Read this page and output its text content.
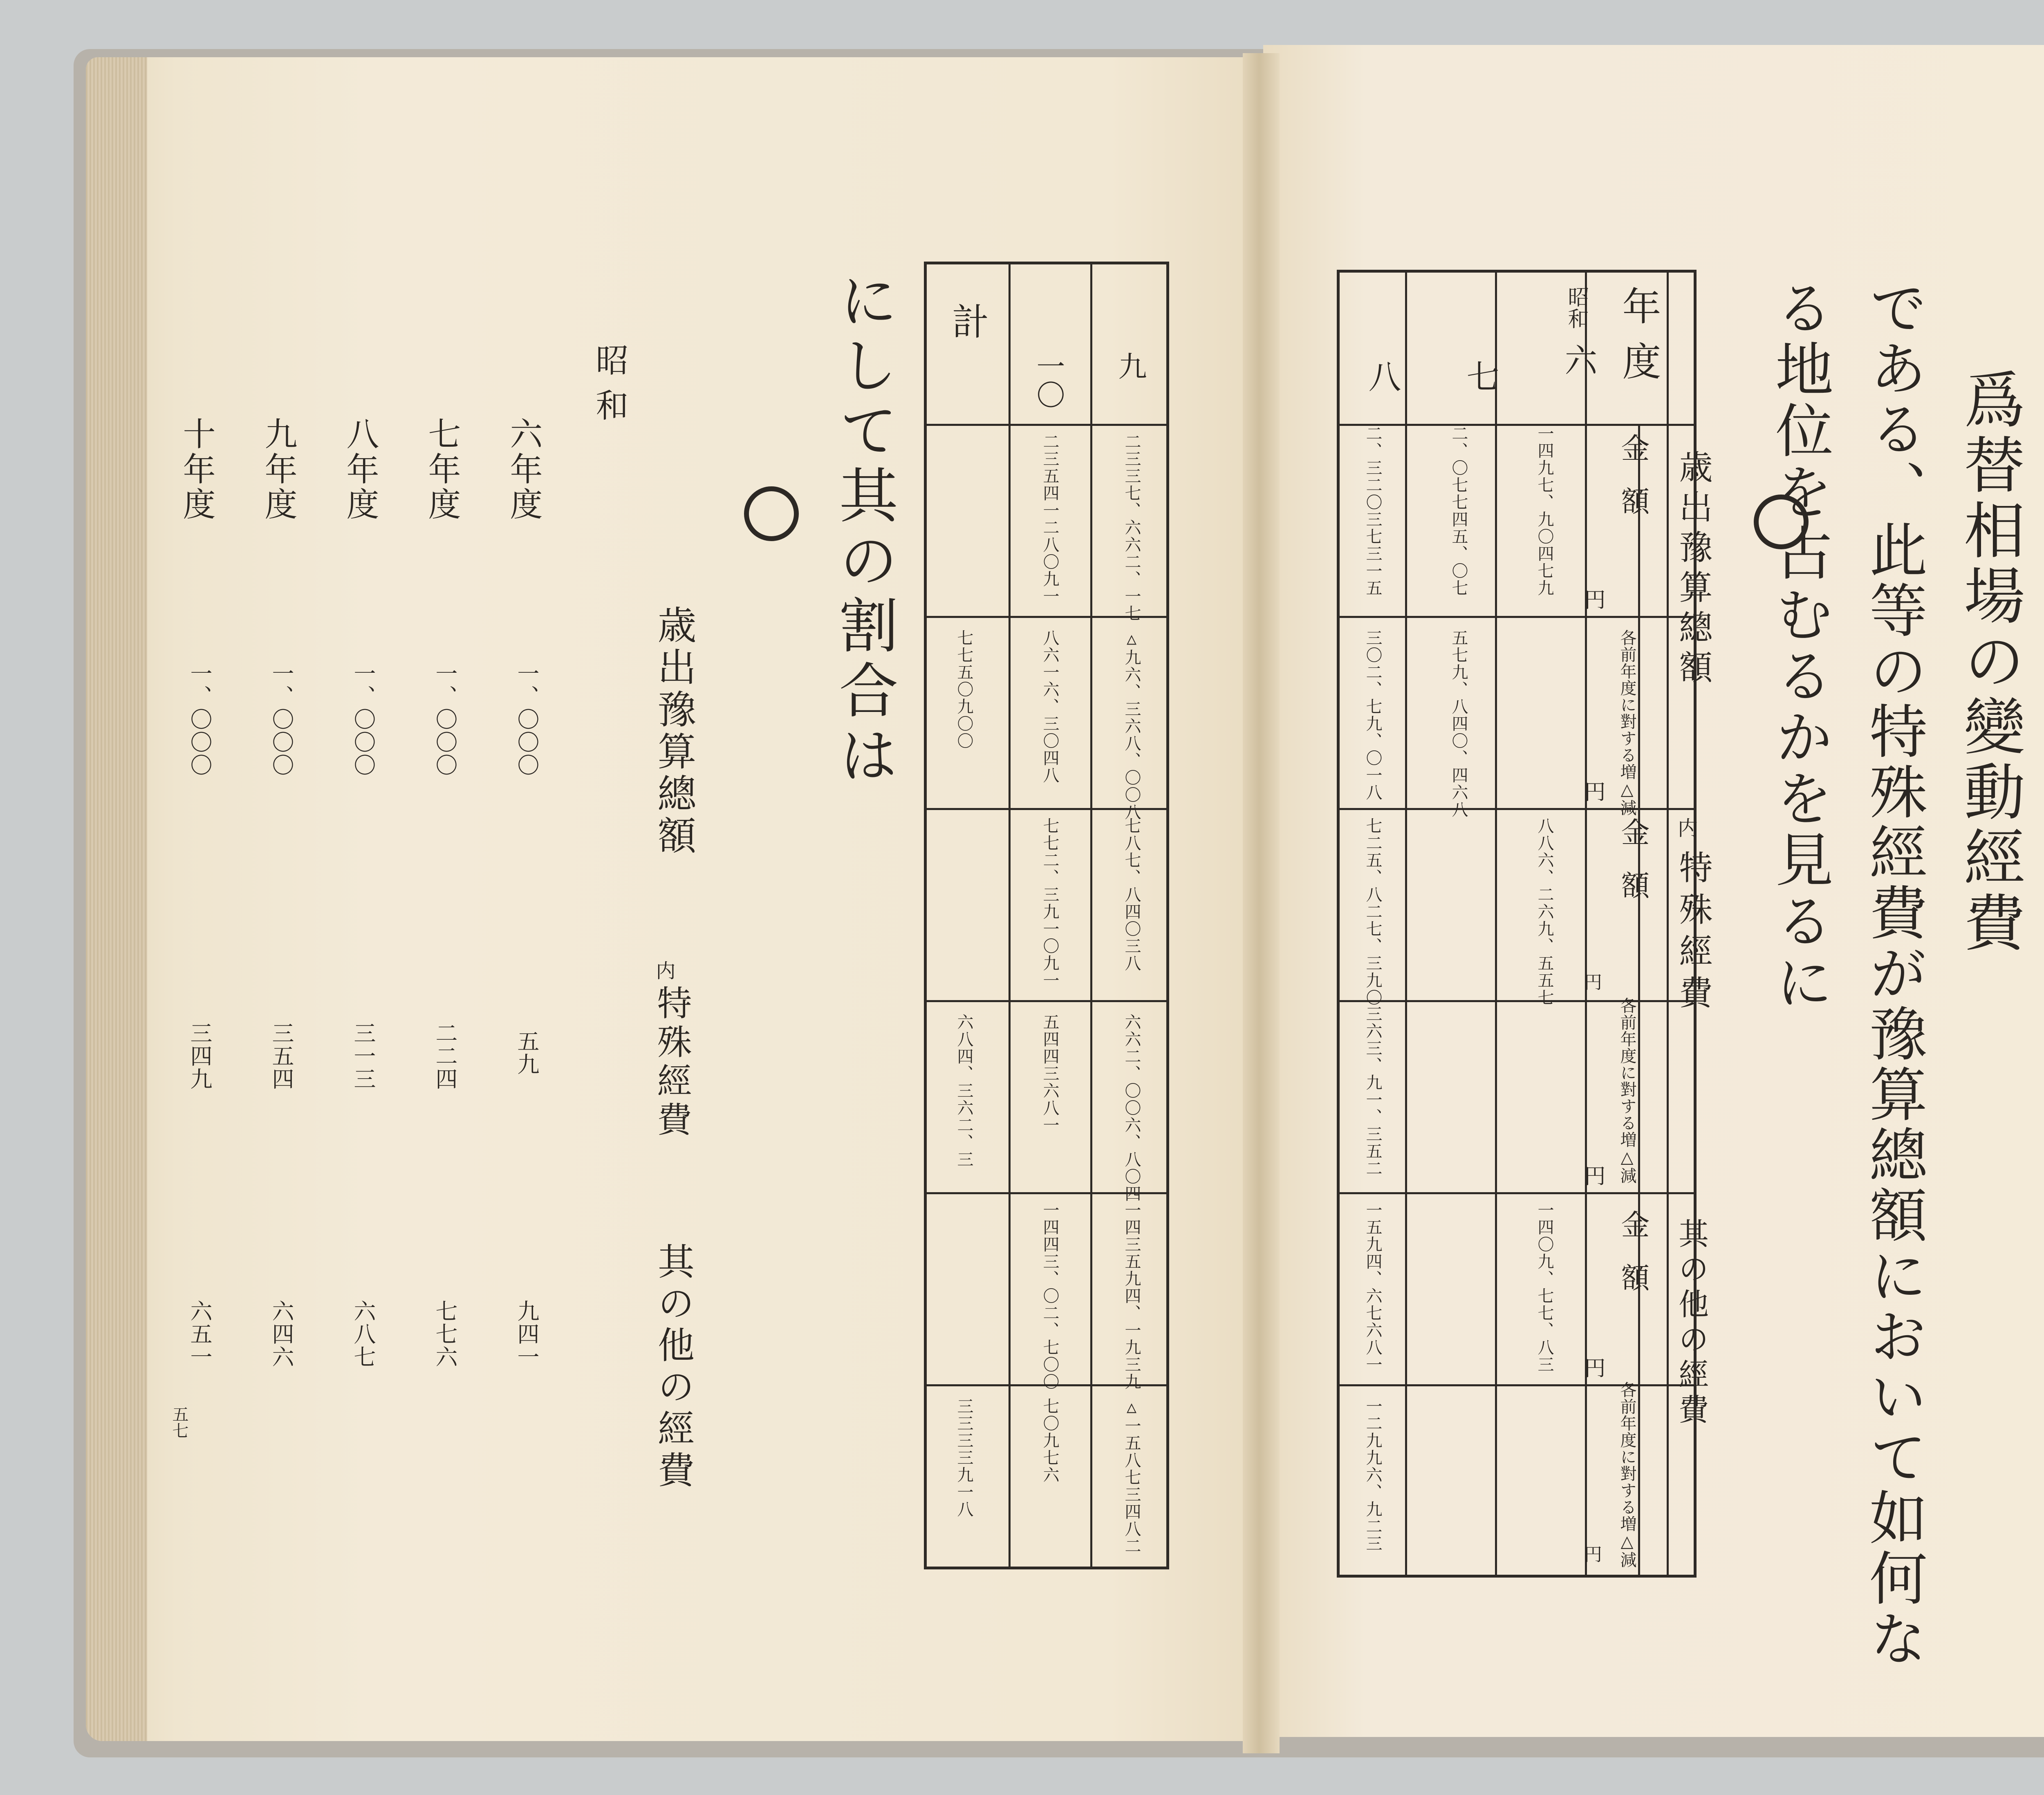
爲替相場の變動經費
である、此等の特殊經費が豫算總額において如何な
る地位を占むるかを見るに
年度
昭和
六
七
八
歳出豫算總額
内
特殊經費
其の他の經費
金額
各前年度に對する増△減
金額
各前年度に對する増△減
金額
各前年度に對する増△減
円
円
円
円
円
円
一四九七、九〇四七九
二、〇七七四五、〇七
五七九、八四〇、四六八
八八六、二六九、五五七
一四〇九、七七、八三
二、三二〇三七三一五
三〇二、七九、〇一八
七二五、八二七、三九〇
三六三、九一、三五二
一五九四、六七六八一
一二九九六、九二三
九
一〇
計
二三三七、六六二、一七
△九六、三六八、〇〇八
七八七、八四〇三八
六六二、〇〇六、八〇四
一四三五九四、一九三九
△一五八七三四八二
二三五四一二八〇九一
八六一六、三〇四八
七七二、三九一〇九一
五四四三六八一
一四四三、〇二、七〇〇
七〇九七六
七七五〇九〇〇
六八四、三六二、三
三三三三九一八
にして其の割合は
昭和
歳出豫算總額
内
特殊經費
其の他の經費
六年度
七年度
八年度
九年度
十年度
一、〇〇〇
一、〇〇〇
一、〇〇〇
一、〇〇〇
一、〇〇〇
五九
二二四
三一三
三五四
三四九
九四一
七七六
六八七
六四六
六五一
五七
